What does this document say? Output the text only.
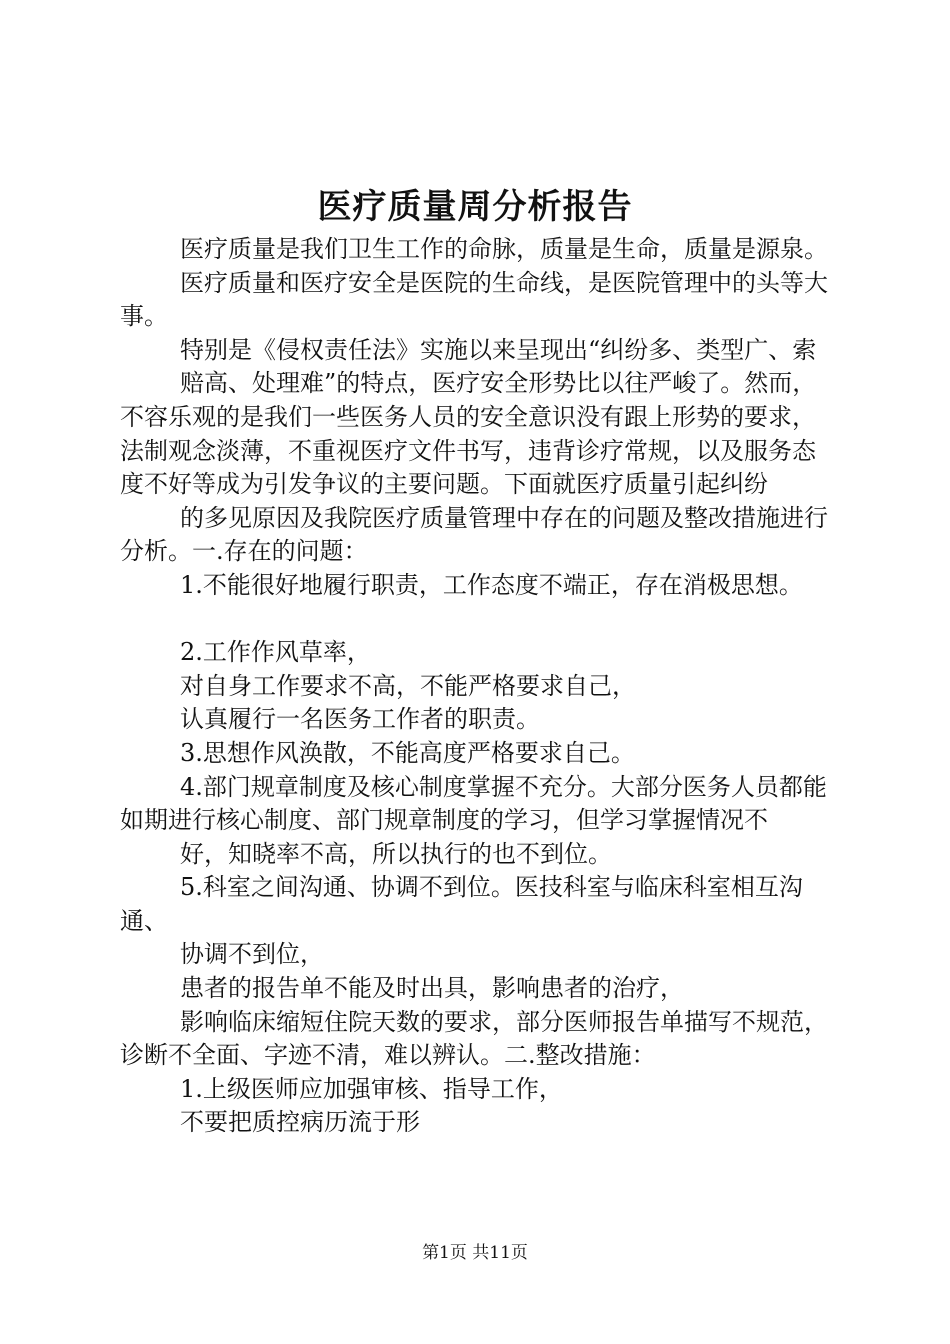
医疗质量周分析报告

医疗质量是我们卫生工作的命脉，质量是生命，质量是源泉。

医疗质量和医疗安全是医院的生命线，是医院管理中的头等大事。

特别是《侵权责任法》实施以来呈现出“纠纷多、类型广、索

赔高、处理难”的特点，医疗安全形势比以往严峻了。然而，不容乐观的是我们一些医务人员的安全意识没有跟上形势的要求，法制观念淡薄，不重视医疗文件书写，违背诊疗常规，以及服务态度不好等成为引发争议的主要问题。下面就医疗质量引起纠纷

的多见原因及我院医疗质量管理中存在的问题及整改措施进行分析。一.存在的问题：

1.不能很好地履行职责，工作态度不端正，存在消极思想。

2.工作作风草率，

对自身工作要求不高，不能严格要求自己，

认真履行一名医务工作者的职责。

3.思想作风涣散，不能高度严格要求自己。

4.部门规章制度及核心制度掌握不充分。大部分医务人员都能如期进行核心制度、部门规章制度的学习，但学习掌握情况不

好，知晓率不高，所以执行的也不到位。

5.科室之间沟通、协调不到位。医技科室与临床科室相互沟通、

协调不到位，

患者的报告单不能及时出具，影响患者的治疗，

影响临床缩短住院天数的要求，部分医师报告单描写不规范，诊断不全面、字迹不清，难以辨认。二.整改措施：

1.上级医师应加强审核、指导工作，

不要把质控病历流于形

第1页 共11页
